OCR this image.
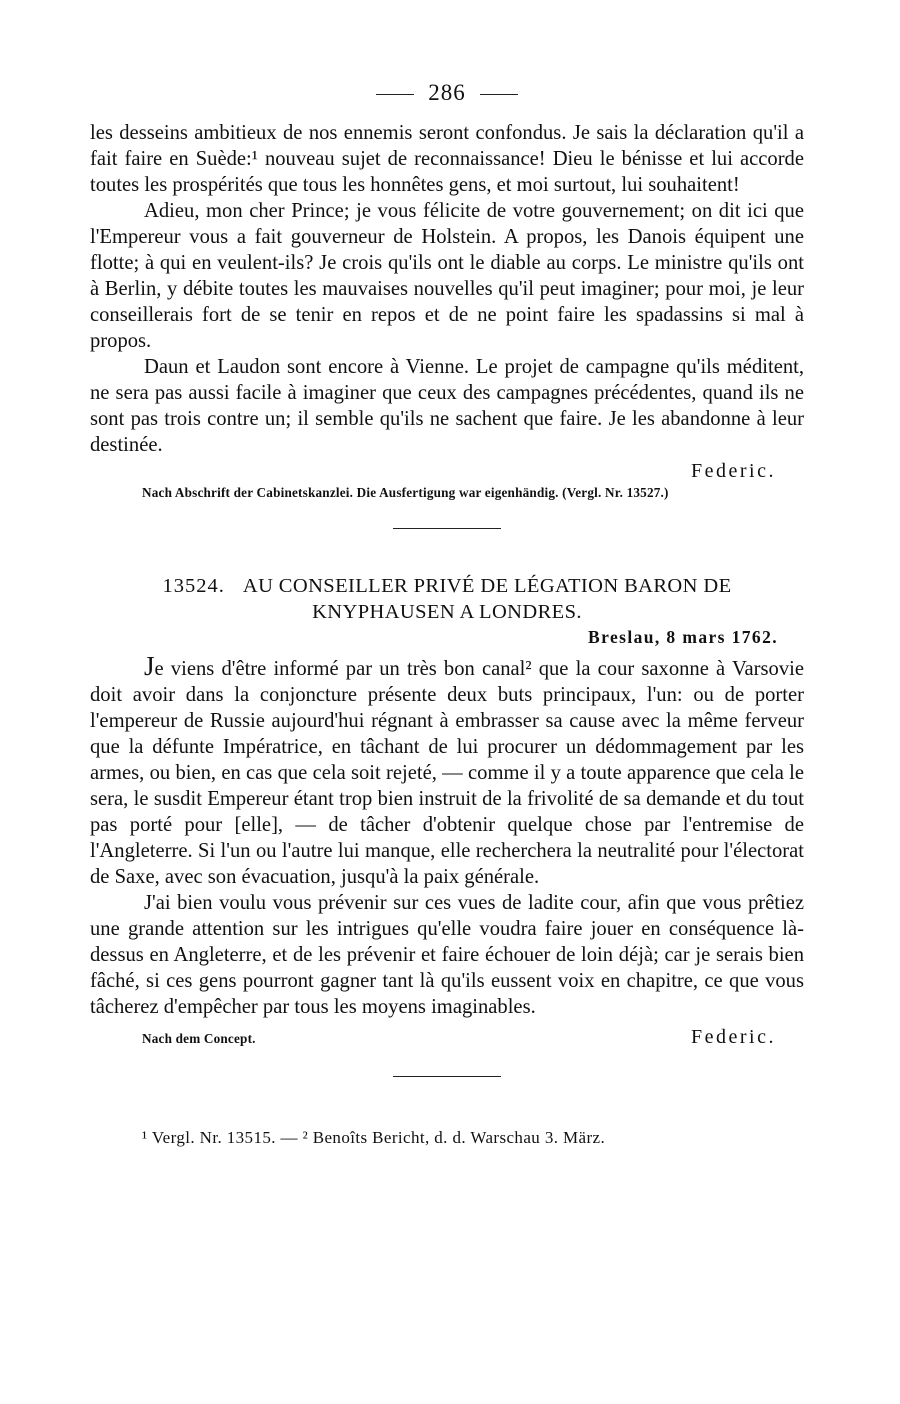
286

les desseins ambitieux de nos ennemis seront confondus. Je sais la déclaration qu'il a fait faire en Suède:¹ nouveau sujet de reconnaissance! Dieu le bénisse et lui accorde toutes les prospérités que tous les honnêtes gens, et moi surtout, lui souhaitent!

Adieu, mon cher Prince; je vous félicite de votre gouvernement; on dit ici que l'Empereur vous a fait gouverneur de Holstein. A propos, les Danois équipent une flotte; à qui en veulent-ils? Je crois qu'ils ont le diable au corps. Le ministre qu'ils ont à Berlin, y débite toutes les mauvaises nouvelles qu'il peut imaginer; pour moi, je leur conseillerais fort de se tenir en repos et de ne point faire les spadassins si mal à propos.

Daun et Laudon sont encore à Vienne. Le projet de campagne qu'ils méditent, ne sera pas aussi facile à imaginer que ceux des campagnes précédentes, quand ils ne sont pas trois contre un; il semble qu'ils ne sachent que faire. Je les abandonne à leur destinée.

Federic.
Nach Abschrift der Cabinetskanzlei. Die Ausfertigung war eigenhändig. (Vergl. Nr. 13527.)
13524. AU CONSEILLER PRIVÉ DE LÉGATION BARON DE
KNYPHAUSEN A LONDRES.
Breslau, 8 mars 1762.

Je viens d'être informé par un très bon canal² que la cour saxonne à Varsovie doit avoir dans la conjoncture présente deux buts principaux, l'un: ou de porter l'empereur de Russie aujourd'hui régnant à embrasser sa cause avec la même ferveur que la défunte Impératrice, en tâchant de lui procurer un dédommagement par les armes, ou bien, en cas que cela soit rejeté, — comme il y a toute apparence que cela le sera, le susdit Empereur étant trop bien instruit de la frivolité de sa demande et du tout pas porté pour [elle], — de tâcher d'obtenir quelque chose par l'entremise de l'Angleterre. Si l'un ou l'autre lui manque, elle recherchera la neutralité pour l'électorat de Saxe, avec son évacuation, jusqu'à la paix générale.

J'ai bien voulu vous prévenir sur ces vues de ladite cour, afin que vous prêtiez une grande attention sur les intrigues qu'elle voudra faire jouer en conséquence là-dessus en Angleterre, et de les prévenir et faire échouer de loin déjà; car je serais bien fâché, si ces gens pourront gagner tant là qu'ils eussent voix en chapitre, ce que vous tâcherez d'empêcher par tous les moyens imaginables.

Nach dem Concept.	Federic.
¹ Vergl. Nr. 13515. — ² Benoîts Bericht, d. d. Warschau 3. März.
